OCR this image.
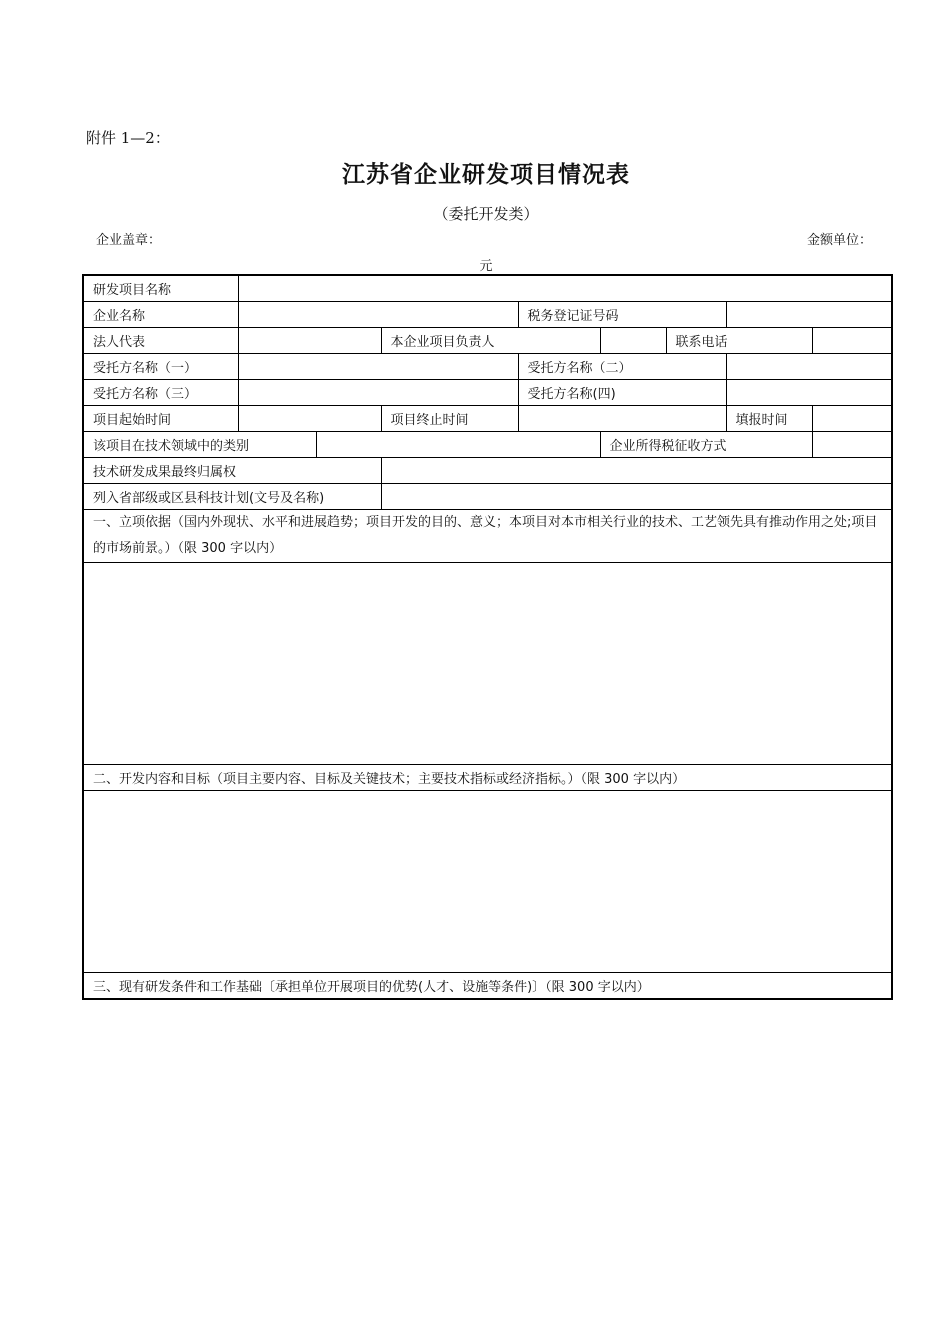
附件 1—2：
江苏省企业研发项目情况表
（委托开发类）
企业盖章：	金额单位：
元
研发项目名称								
企业名称				税务登记证号码				
法人代表			本企业项目负责人			联系电话		
受托方名称（一）				受托方名称（二）				
受托方名称（三）				受托方名称(四)				
项目起始时间			项目终止时间				填报时间	
该项目在技术领域中的类别					企业所得税征收方式			
技术研发成果最终归属权								
列入省部级或区县科技计划(文号及名称)								
一、立项依据（国内外现状、水平和进展趋势；项目开发的目的、意义；本项目对本市相关行业的技术、工艺领先具有推动作用之处;项目的市场前景。）（限 300 字以内）								

二、开发内容和目标（项目主要内容、目标及关键技术；主要技术指标或经济指标。）（限 300 字以内）								

三、现有研发条件和工作基础〔承担单位开展项目的优势(人才、设施等条件)〕（限 300 字以内）								
